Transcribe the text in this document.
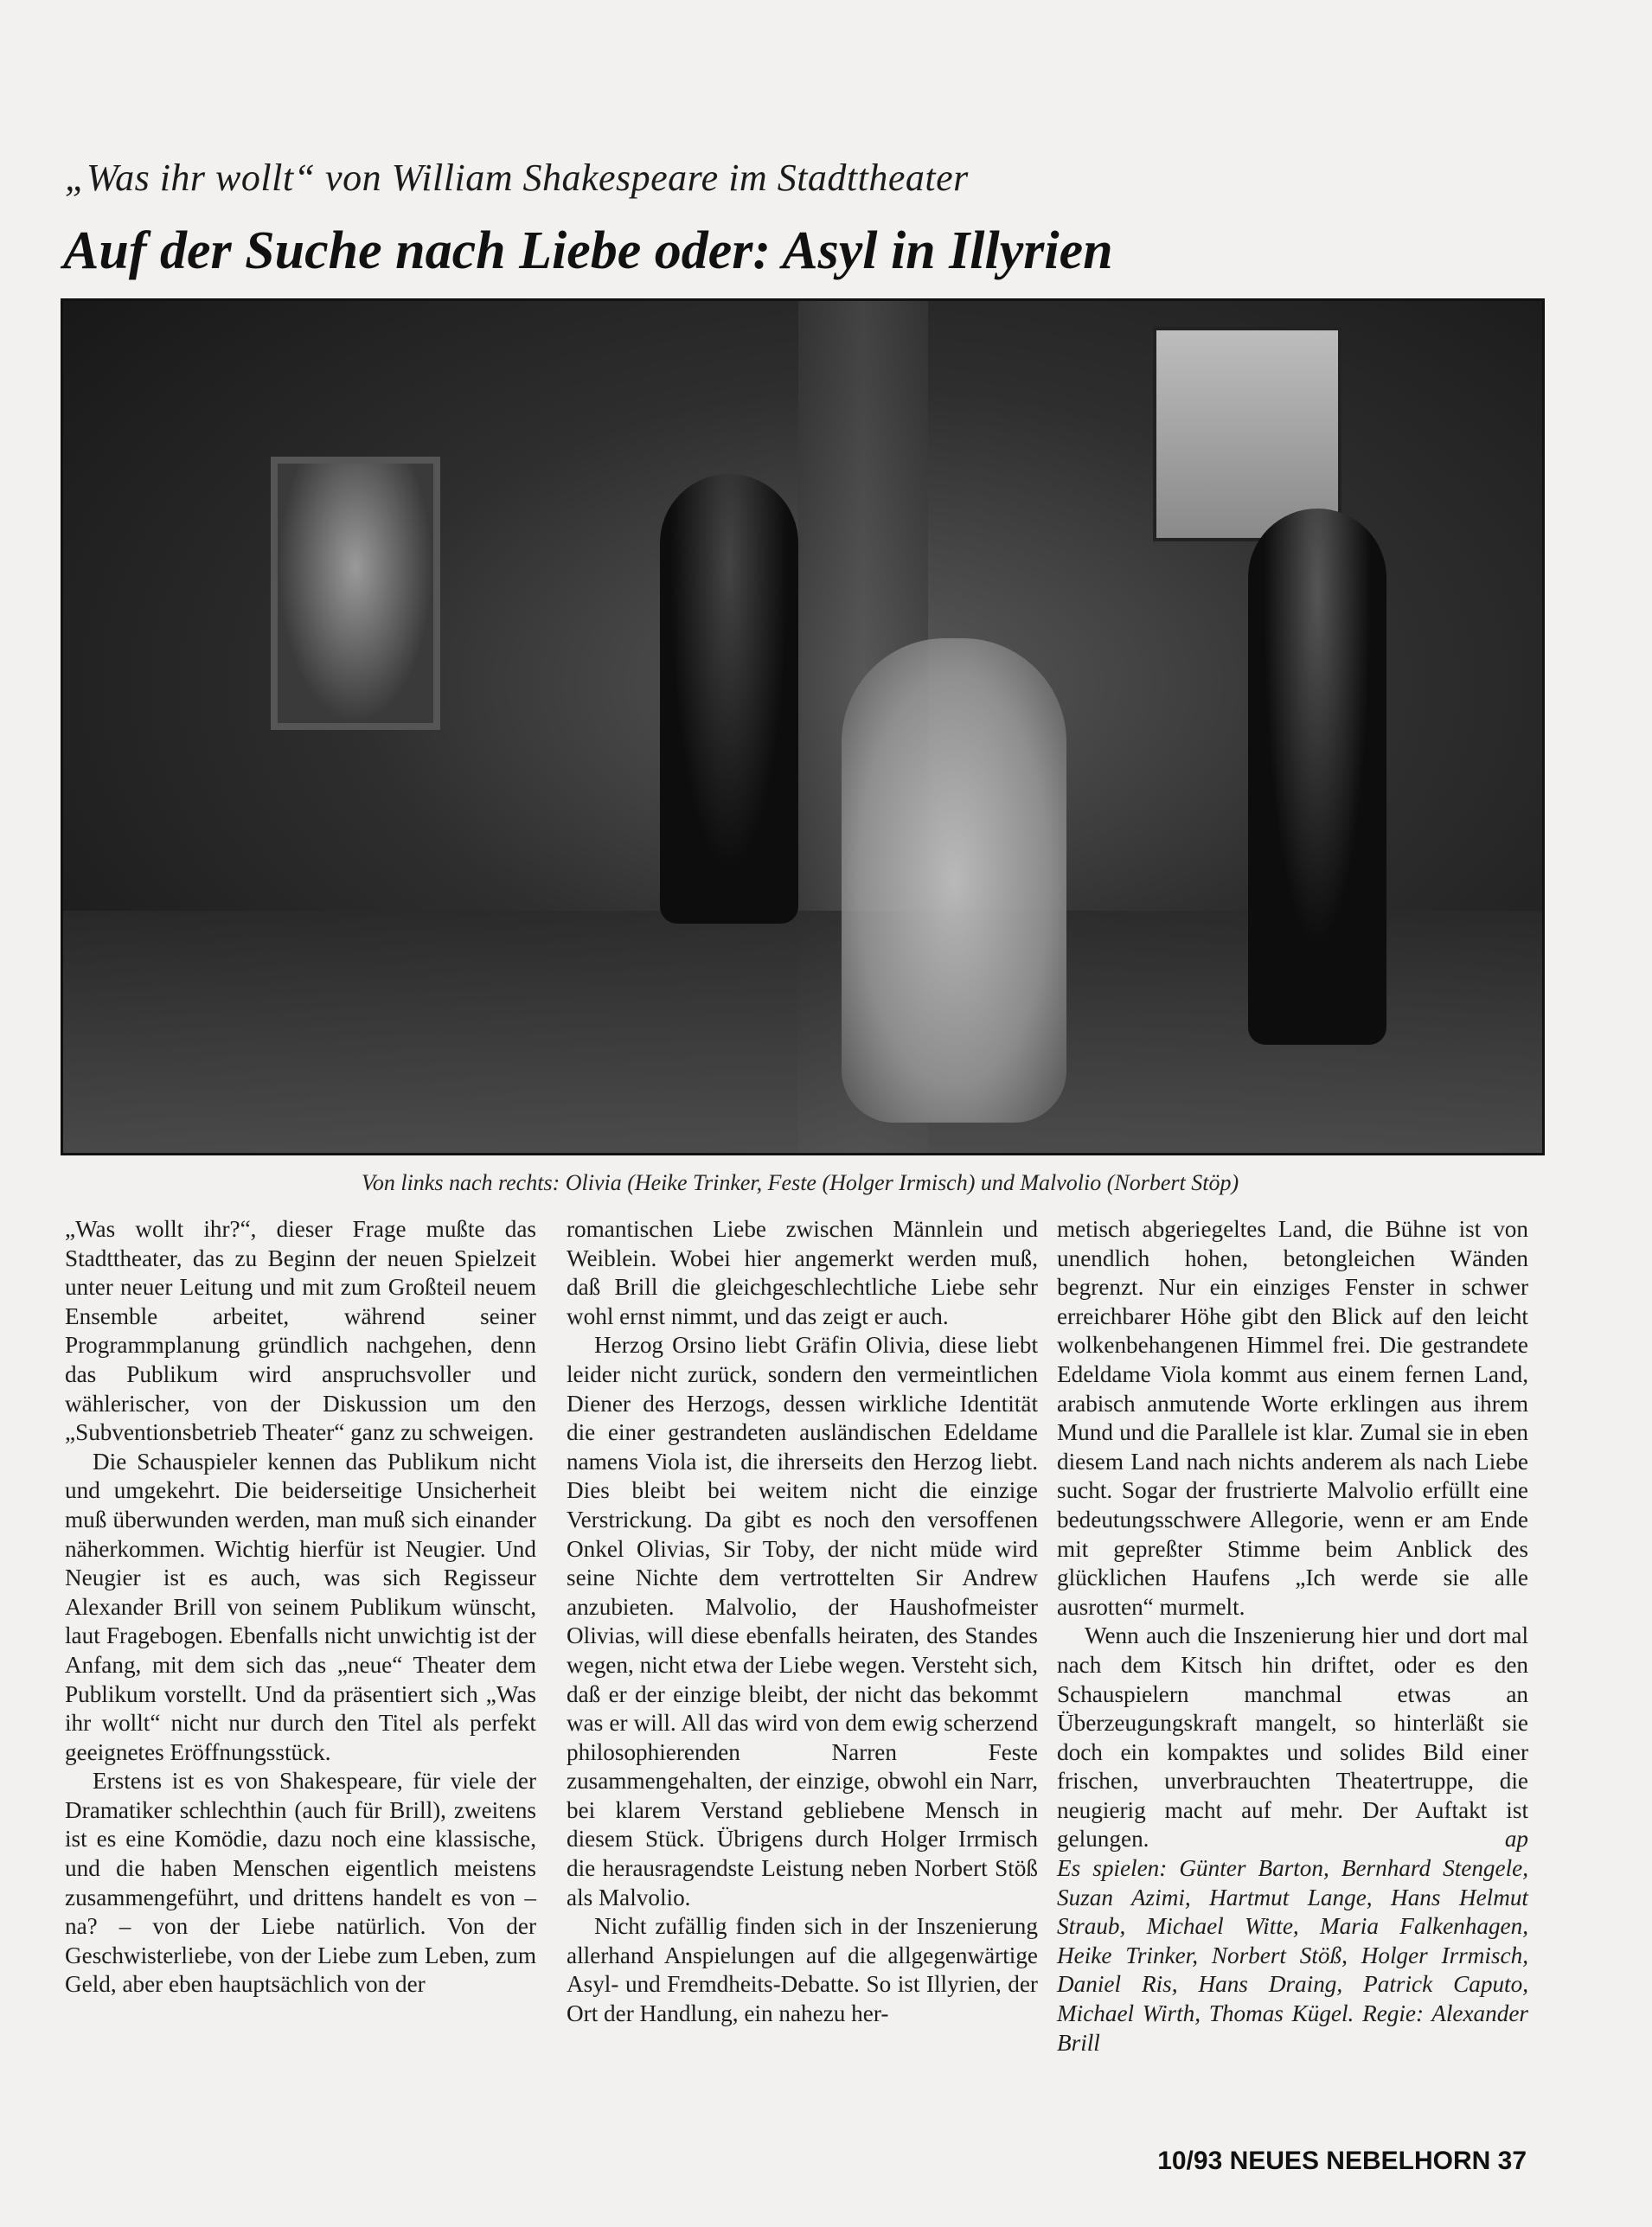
„Was ihr wollt“ von William Shakespeare im Stadttheater
Auf der Suche nach Liebe oder: Asyl in Illyrien
Von links nach rechts: Olivia (Heike Trinker, Feste (Holger Irmisch) und Malvolio (Norbert Stöp)

„Was wollt ihr?“, dieser Frage mußte das Stadttheater, das zu Beginn der neuen Spielzeit unter neuer Leitung und mit zum Großteil neuem Ensemble arbeitet, während seiner Programmplanung gründlich nachgehen, denn das Publikum wird anspruchsvoller und wählerischer, von der Diskussion um den „Subventionsbetrieb Theater“ ganz zu schweigen.

Die Schauspieler kennen das Publikum nicht und umgekehrt. Die beiderseitige Unsicherheit muß überwunden werden, man muß sich einander näherkommen. Wichtig hierfür ist Neugier. Und Neugier ist es auch, was sich Regisseur Alexander Brill von seinem Publikum wünscht, laut Fragebogen. Ebenfalls nicht unwichtig ist der Anfang, mit dem sich das „neue“ Theater dem Publikum vorstellt. Und da präsentiert sich „Was ihr wollt“ nicht nur durch den Titel als perfekt geeignetes Eröffnungsstück.

Erstens ist es von Shakespeare, für viele der Dramatiker schlechthin (auch für Brill), zweitens ist es eine Komödie, dazu noch eine klassische, und die haben Menschen eigentlich meistens zusammengeführt, und drittens handelt es von – na? – von der Liebe natürlich. Von der Geschwisterliebe, von der Liebe zum Leben, zum Geld, aber eben hauptsächlich von der

romantischen Liebe zwischen Männlein und Weiblein. Wobei hier angemerkt werden muß, daß Brill die gleichgeschlechtliche Liebe sehr wohl ernst nimmt, und das zeigt er auch.

Herzog Orsino liebt Gräfin Olivia, diese liebt leider nicht zurück, sondern den vermeintlichen Diener des Herzogs, dessen wirkliche Identität die einer gestrandeten ausländischen Edeldame namens Viola ist, die ihrerseits den Herzog liebt. Dies bleibt bei weitem nicht die einzige Verstrickung. Da gibt es noch den versoffenen Onkel Olivias, Sir Toby, der nicht müde wird seine Nichte dem vertrottelten Sir Andrew anzubieten. Malvolio, der Haushofmeister Olivias, will diese ebenfalls heiraten, des Standes wegen, nicht etwa der Liebe wegen. Versteht sich, daß er der einzige bleibt, der nicht das bekommt was er will. All das wird von dem ewig scherzend philosophierenden Narren Feste zusammengehalten, der einzige, obwohl ein Narr, bei klarem Verstand gebliebene Mensch in diesem Stück. Übrigens durch Holger Irrmisch die herausragendste Leistung neben Norbert Stöß als Malvolio.

Nicht zufällig finden sich in der Inszenierung allerhand Anspielungen auf die allgegenwärtige Asyl- und Fremdheits-Debatte. So ist Illyrien, der Ort der Handlung, ein nahezu her-

metisch abgeriegeltes Land, die Bühne ist von unendlich hohen, betongleichen Wänden begrenzt. Nur ein einziges Fenster in schwer erreichbarer Höhe gibt den Blick auf den leicht wolkenbehangenen Himmel frei. Die gestrandete Edeldame Viola kommt aus einem fernen Land, arabisch anmutende Worte erklingen aus ihrem Mund und die Parallele ist klar. Zumal sie in eben diesem Land nach nichts anderem als nach Liebe sucht. Sogar der frustrierte Malvolio erfüllt eine bedeutungsschwere Allegorie, wenn er am Ende mit gepreßter Stimme beim Anblick des glücklichen Haufens „Ich werde sie alle ausrotten“ murmelt.

Wenn auch die Inszenierung hier und dort mal nach dem Kitsch hin driftet, oder es den Schauspielern manchmal etwas an Überzeugungskraft mangelt, so hinterläßt sie doch ein kompaktes und solides Bild einer frischen, unverbrauchten Theatertruppe, die neugierig macht auf mehr. Der Auftakt ist gelungen.	ap

Es spielen: Günter Barton, Bernhard Stengele, Suzan Azimi, Hartmut Lange, Hans Helmut Straub, Michael Witte, Maria Falkenhagen, Heike Trinker, Norbert Stöß, Holger Irrmisch, Daniel Ris, Hans Draing, Patrick Caputo, Michael Wirth, Thomas Kügel. Regie: Alexander Brill

10/93 NEUES NEBELHORN 37
